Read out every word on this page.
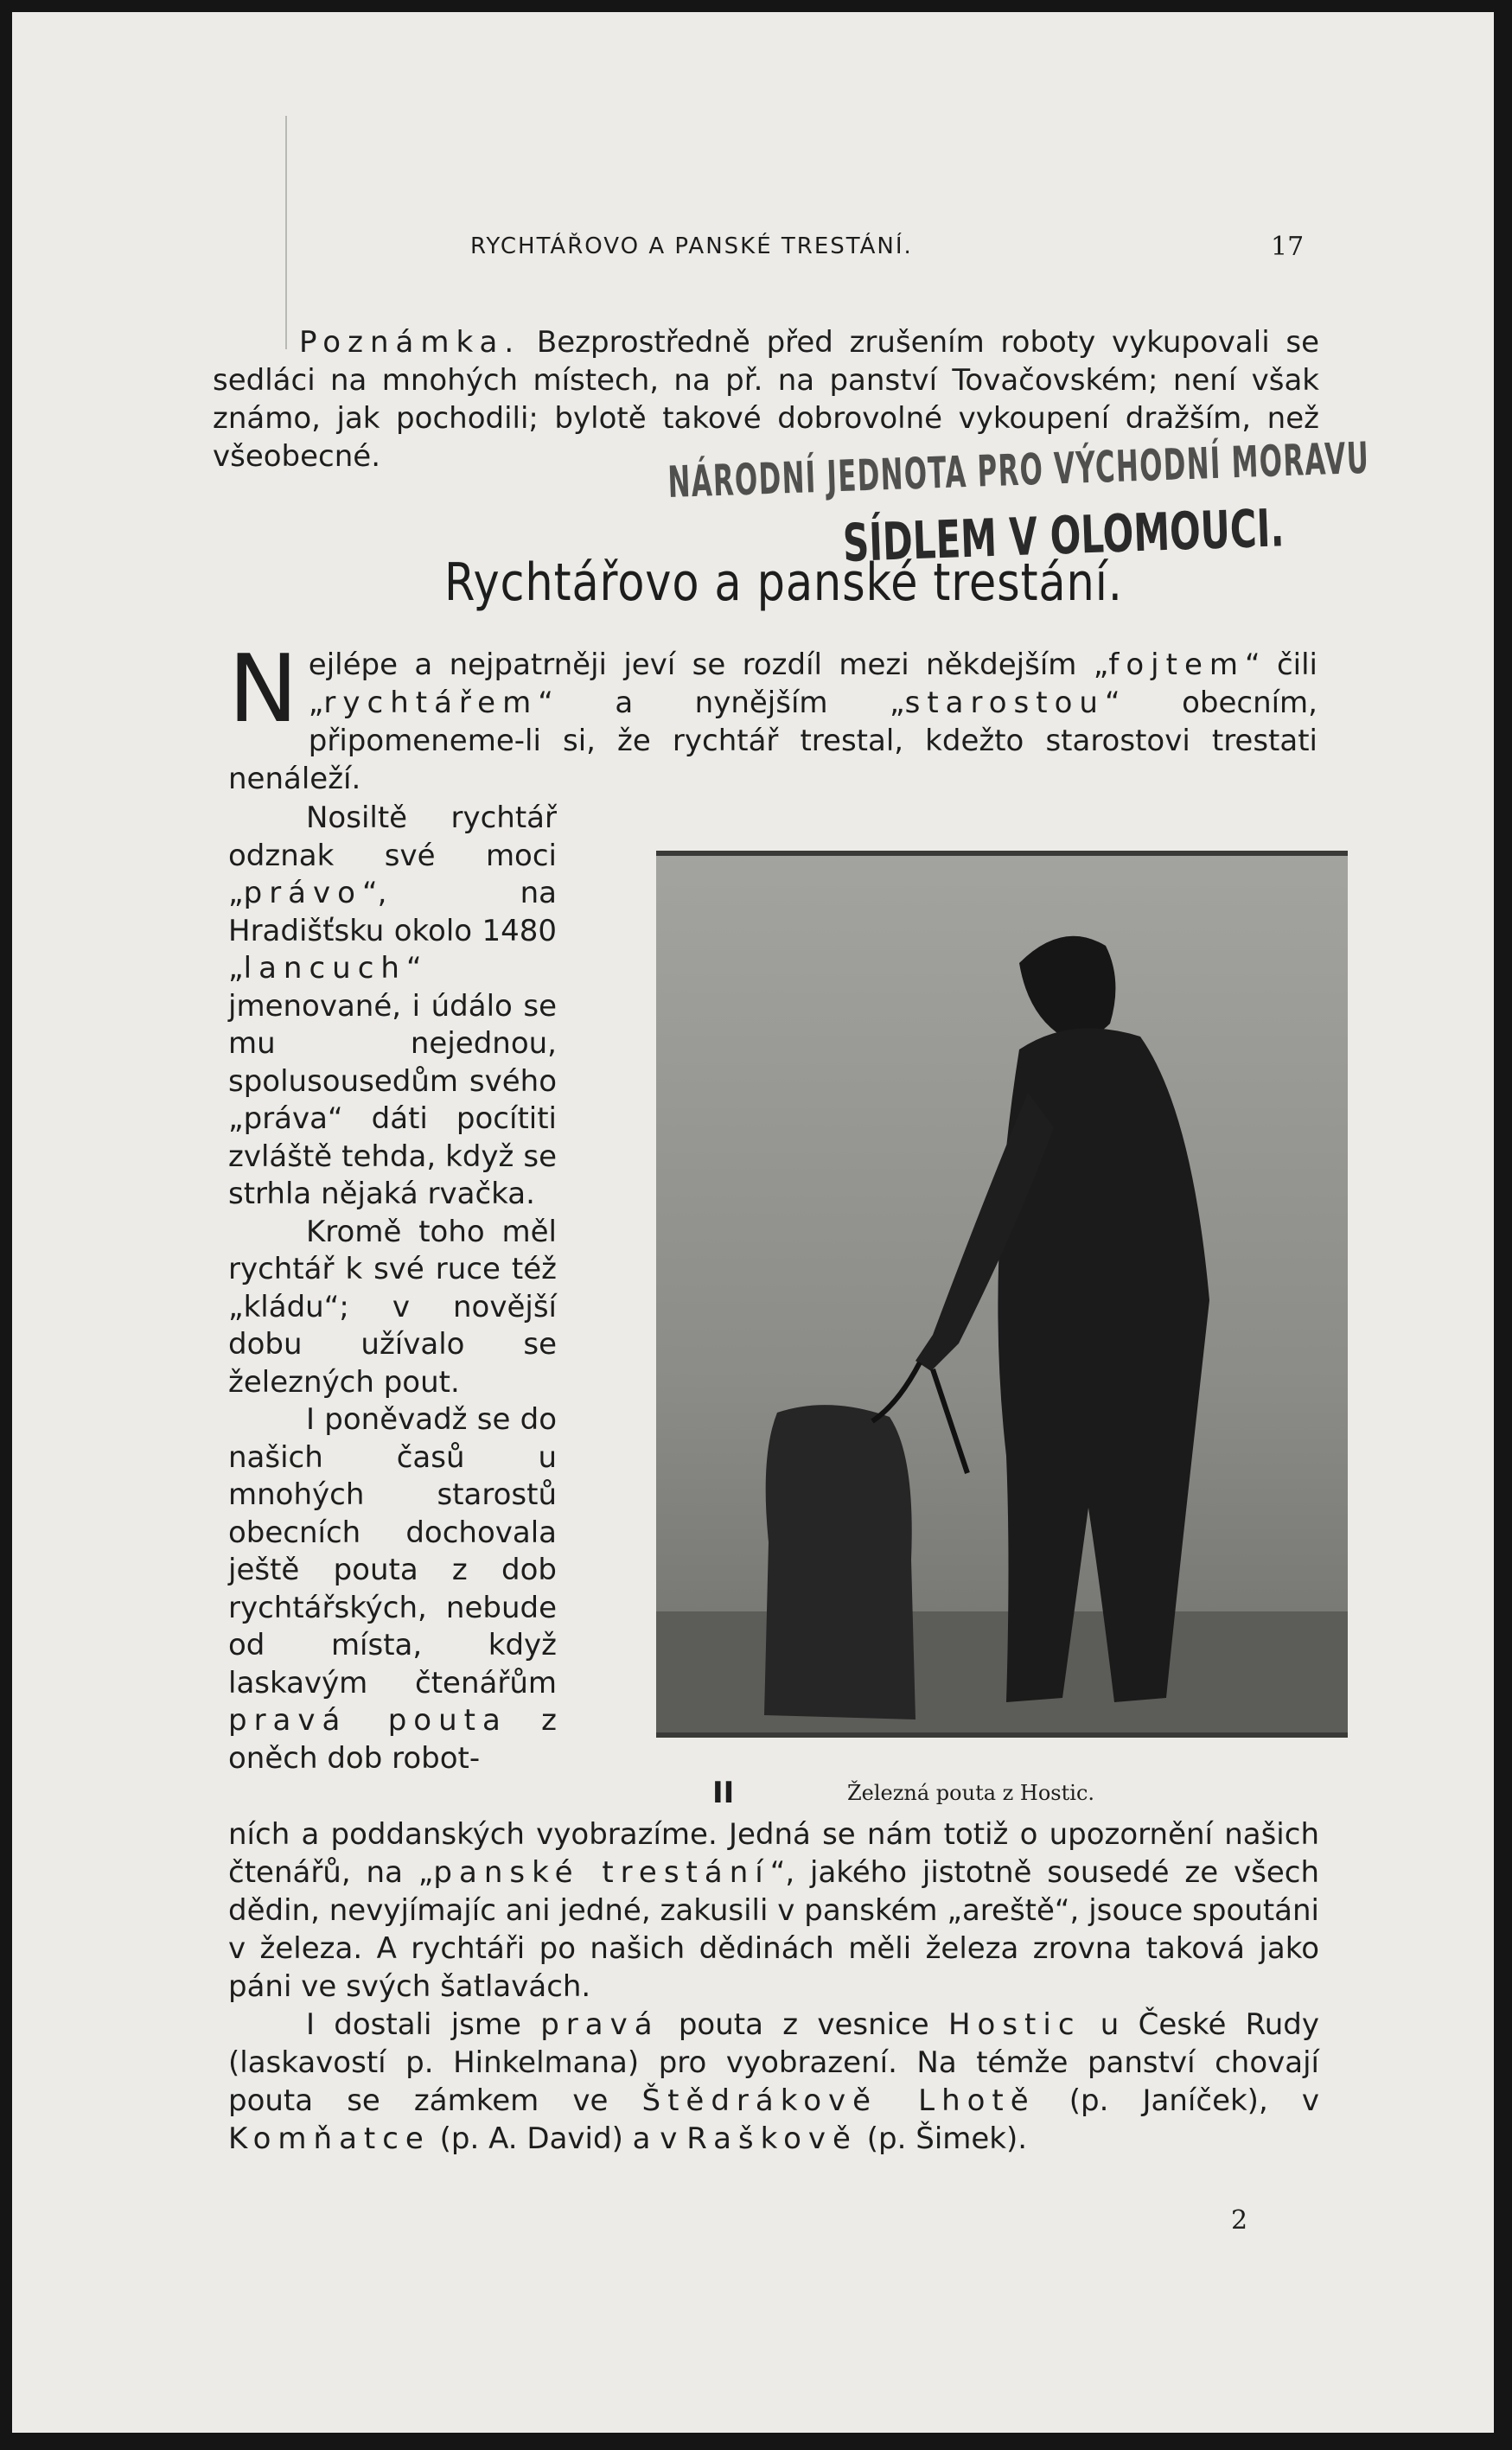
RYCHTÁŘOVO A PANSKÉ TRESTÁNÍ.	17
Poznámka. Bezprostředně před zrušením roboty vykupovali se sedláci na mnohých místech, na př. na panství Tovačovském; není však známo, jak pochodili; bylotě takové dobrovolné vykoupení dražším, než všeobecné.	NÁRODNÍ JEDNOTA PRO VÝCHODNÍ MORAVU
SÍDLEM V OLOMOUCI.
Rychtářovo a panské trestání.
Nejlépe a nejpatrněji jeví se rozdíl mezi někdejším „fojtem“ čili „rychtářem“ a nynějším „starostou“ obecním, připomeneme-li si, že rychtář trestal, kdežto starostovi trestati nenáleží.

Nosiltě rychtář odznak své moci „právo“, na Hradišťsku okolo 1480 „lancuch“ jmenované, i údálo se mu nejednou, spolusousedům svého „práva“ dáti pocítiti zvláště tehda, když se strhla nějaká rvačka.

Kromě toho měl rychtář k své ruce též „kládu“; v novější dobu užívalo se železných pout.

I poněvadž se do našich časů u mnohých starostů obecních dochovala ještě pouta z dob rychtářských, nebude od místa, když laskavým čtenářům pravá pouta z oněch dob robot-

II	Železná pouta z Hostic.

ních a poddanských vyobrazíme. Jedná se nám totiž o upozornění našich čtenářů, na „panské trestání“, jakého jistotně sousedé ze všech dědin, nevyjímajíc ani jedné, zakusili v panském „areště“, jsouce spoutáni v železa. A rychtáři po našich dědinách měli železa zrovna taková jako páni ve svých šatlavách.

I dostali jsme pravá pouta z vesnice Hostic u České Rudy (laskavostí p. Hinkelmana) pro vyobrazení. Na témže panství chovají pouta se zámkem ve Štědrákově Lhotě (p. Janíček), v Komňatce (p. A. David) a v Raškově (p. Šimek).

2
